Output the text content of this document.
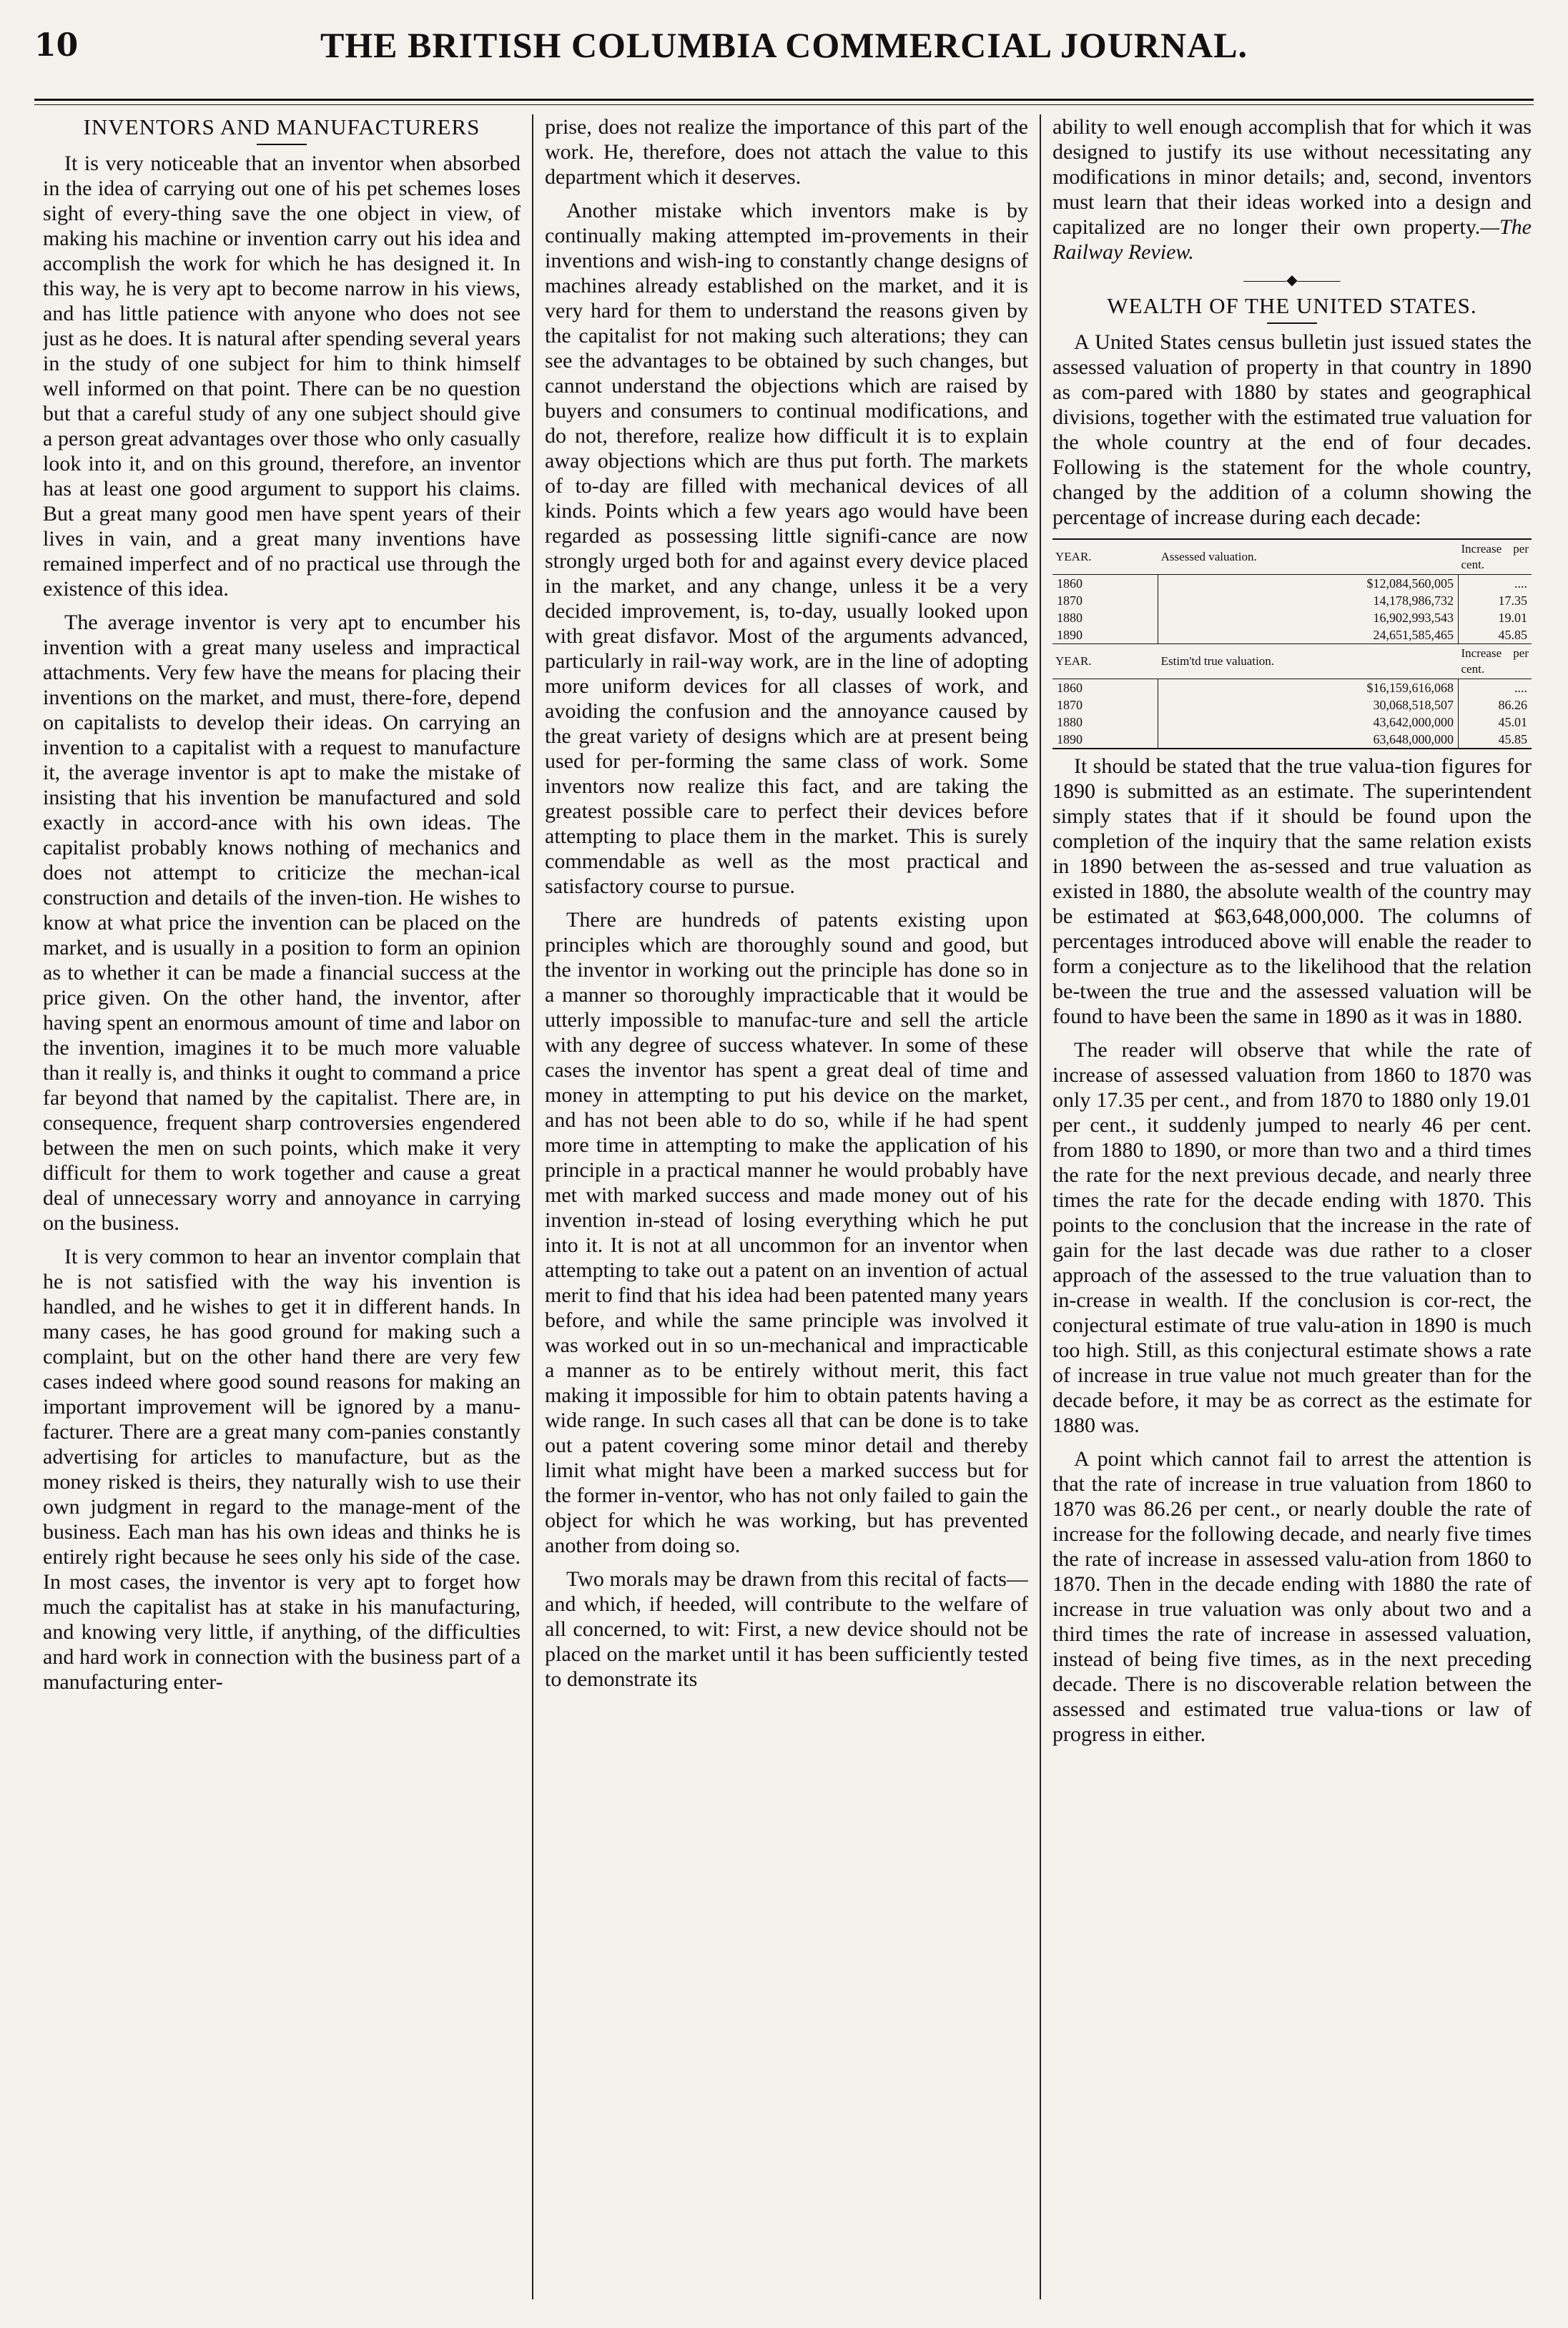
10	THE BRITISH COLUMBIA COMMERCIAL JOURNAL.
INVENTORS AND MANUFACTURERS

It is very noticeable that an inventor when absorbed in the idea of carrying out one of his pet schemes loses sight of every-thing save the one object in view, of making his machine or invention carry out his idea and accomplish the work for which he has designed it. In this way, he is very apt to become narrow in his views, and has little patience with anyone who does not see just as he does. It is natural after spending several years in the study of one subject for him to think himself well informed on that point. There can be no question but that a careful study of any one subject should give a person great advantages over those who only casually look into it, and on this ground, therefore, an inventor has at least one good argument to support his claims. But a great many good men have spent years of their lives in vain, and a great many inventions have remained imperfect and of no practical use through the existence of this idea.

The average inventor is very apt to encumber his invention with a great many useless and impractical attachments. Very few have the means for placing their inventions on the market, and must, there-fore, depend on capitalists to develop their ideas. On carrying an invention to a capitalist with a request to manufacture it, the average inventor is apt to make the mistake of insisting that his invention be manufactured and sold exactly in accord-ance with his own ideas. The capitalist probably knows nothing of mechanics and does not attempt to criticize the mechan-ical construction and details of the inven-tion. He wishes to know at what price the invention can be placed on the market, and is usually in a position to form an opinion as to whether it can be made a financial success at the price given. On the other hand, the inventor, after having spent an enormous amount of time and labor on the invention, imagines it to be much more valuable than it really is, and thinks it ought to command a price far beyond that named by the capitalist. There are, in consequence, frequent sharp controversies engendered between the men on such points, which make it very difficult for them to work together and cause a great deal of unnecessary worry and annoyance in carrying on the business.

It is very common to hear an inventor complain that he is not satisfied with the way his invention is handled, and he wishes to get it in different hands. In many cases, he has good ground for making such a complaint, but on the other hand there are very few cases indeed where good sound reasons for making an important improvement will be ignored by a manu-facturer. There are a great many com-panies constantly advertising for articles to manufacture, but as the money risked is theirs, they naturally wish to use their own judgment in regard to the manage-ment of the business. Each man has his own ideas and thinks he is entirely right because he sees only his side of the case. In most cases, the inventor is very apt to forget how much the capitalist has at stake in his manufacturing, and knowing very little, if anything, of the difficulties and hard work in connection with the business part of a manufacturing enter-

prise, does not realize the importance of this part of the work. He, therefore, does not attach the value to this department which it deserves.

Another mistake which inventors make is by continually making attempted im-provements in their inventions and wish-ing to constantly change designs of machines already established on the market, and it is very hard for them to understand the reasons given by the capitalist for not making such alterations; they can see the advantages to be obtained by such changes, but cannot understand the objections which are raised by buyers and consumers to continual modifications, and do not, therefore, realize how difficult it is to explain away objections which are thus put forth. The markets of to-day are filled with mechanical devices of all kinds. Points which a few years ago would have been regarded as possessing little signifi-cance are now strongly urged both for and against every device placed in the market, and any change, unless it be a very decided improvement, is, to-day, usually looked upon with great disfavor. Most of the arguments advanced, particularly in rail-way work, are in the line of adopting more uniform devices for all classes of work, and avoiding the confusion and the annoyance caused by the great variety of designs which are at present being used for per-forming the same class of work. Some inventors now realize this fact, and are taking the greatest possible care to perfect their devices before attempting to place them in the market. This is surely commendable as well as the most practical and satisfactory course to pursue.

There are hundreds of patents existing upon principles which are thoroughly sound and good, but the inventor in working out the principle has done so in a manner so thoroughly impracticable that it would be utterly impossible to manufac-ture and sell the article with any degree of success whatever. In some of these cases the inventor has spent a great deal of time and money in attempting to put his device on the market, and has not been able to do so, while if he had spent more time in attempting to make the application of his principle in a practical manner he would probably have met with marked success and made money out of his invention in-stead of losing everything which he put into it. It is not at all uncommon for an inventor when attempting to take out a patent on an invention of actual merit to find that his idea had been patented many years before, and while the same principle was involved it was worked out in so un-mechanical and impracticable a manner as to be entirely without merit, this fact making it impossible for him to obtain patents having a wide range. In such cases all that can be done is to take out a patent covering some minor detail and thereby limit what might have been a marked success but for the former in-ventor, who has not only failed to gain the object for which he was working, but has prevented another from doing so.

Two morals may be drawn from this recital of facts—and which, if heeded, will contribute to the welfare of all concerned, to wit: First, a new device should not be placed on the market until it has been sufficiently tested to demonstrate its

ability to well enough accomplish that for which it was designed to justify its use without necessitating any modifications in minor details; and, second, inventors must learn that their ideas worked into a design and capitalized are no longer their own property.—The Railway Review.

———◆———
WEALTH OF THE UNITED STATES.

A United States census bulletin just issued states the assessed valuation of property in that country in 1890 as com-pared with 1880 by states and geographical divisions, together with the estimated true valuation for the whole country at the end of four decades. Following is the statement for the whole country, changed by the addition of a column showing the percentage of increase during each decade:

YEAR.	Assessed valuation.	Increase per cent.
1860	$12,084,560,005	....
1870	14,178,986,732	17.35
1880	16,902,993,543	19.01
1890	24,651,585,465	45.85
YEAR.	Estim'td true valuation.	Increase per cent.
1860	$16,159,616,068	....
1870	30,068,518,507	86.26
1880	43,642,000,000	45.01
1890	63,648,000,000	45.85

It should be stated that the true valua-tion figures for 1890 is submitted as an estimate. The superintendent simply states that if it should be found upon the completion of the inquiry that the same relation exists in 1890 between the as-sessed and true valuation as existed in 1880, the absolute wealth of the country may be estimated at $63,648,000,000. The columns of percentages introduced above will enable the reader to form a conjecture as to the likelihood that the relation be-tween the true and the assessed valuation will be found to have been the same in 1890 as it was in 1880.

The reader will observe that while the rate of increase of assessed valuation from 1860 to 1870 was only 17.35 per cent., and from 1870 to 1880 only 19.01 per cent., it suddenly jumped to nearly 46 per cent. from 1880 to 1890, or more than two and a third times the rate for the next previous decade, and nearly three times the rate for the decade ending with 1870. This points to the conclusion that the increase in the rate of gain for the last decade was due rather to a closer approach of the assessed to the true valuation than to in-crease in wealth. If the conclusion is cor-rect, the conjectural estimate of true valu-ation in 1890 is much too high. Still, as this conjectural estimate shows a rate of increase in true value not much greater than for the decade before, it may be as correct as the estimate for 1880 was.

A point which cannot fail to arrest the attention is that the rate of increase in true valuation from 1860 to 1870 was 86.26 per cent., or nearly double the rate of increase for the following decade, and nearly five times the rate of increase in assessed valu-ation from 1860 to 1870. Then in the decade ending with 1880 the rate of increase in true valuation was only about two and a third times the rate of increase in assessed valuation, instead of being five times, as in the next preceding decade. There is no discoverable relation between the assessed and estimated true valua-tions or law of progress in either.
